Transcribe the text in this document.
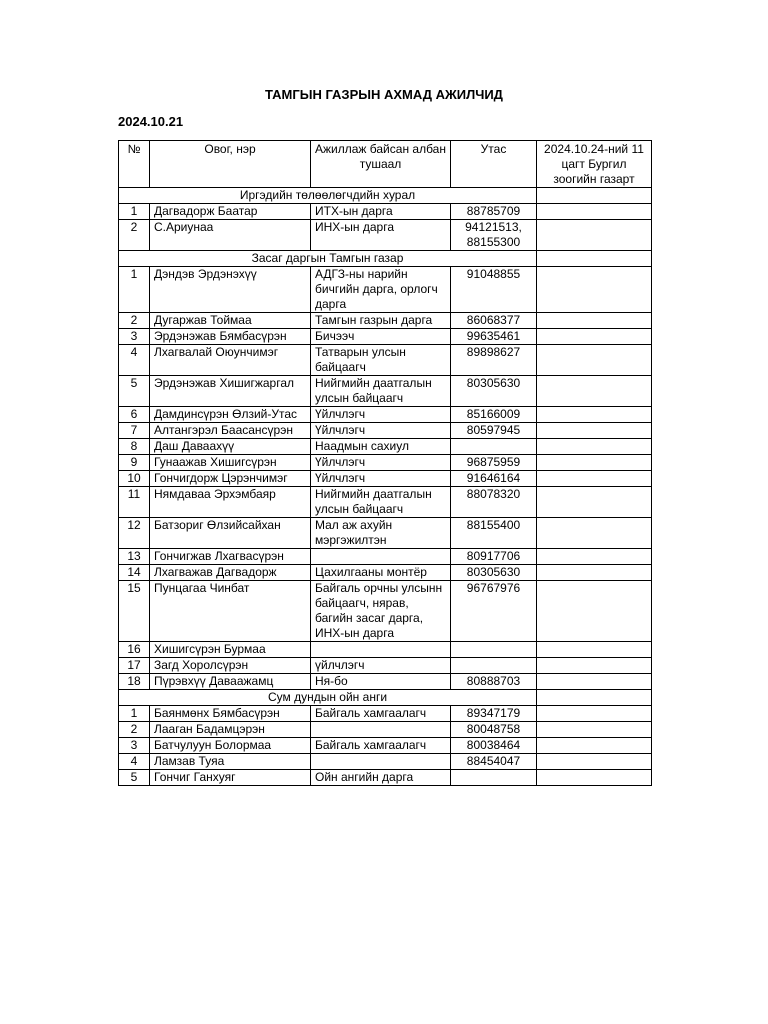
ТАМГЫН ГАЗРЫН АХМАД АЖИЛЧИД
2024.10.21
№	Овог, нэр	Ажиллаж байсан албан тушаал	Утас	2024.10.24-ний 11 цагт Бургил зоогийн газарт
Иргэдийн төлөөлөгчдийн хурал				
1	Дагвадорж Баатар	ИТХ-ын дарга	88785709	
2	С.Ариунаа	ИНХ-ын дарга	94121513, 88155300	
Засаг даргын Тамгын газар				
1	Дэндэв Эрдэнэхүү	АДГЗ-ны нарийн бичгийн дарга, орлогч дарга	91048855	
2	Дугаржав Тоймаа	Тамгын газрын дарга	86068377	
3	Эрдэнэжав Бямбасүрэн	Бичээч	99635461	
4	Лхагвалай Оюунчимэг	Татварын улсын байцаагч	89898627	
5	Эрдэнэжав Хишигжаргал	Нийгмийн даатгалын улсын байцаагч	80305630	
6	Дамдинсүрэн Өлзий-Утас	Үйлчлэгч	85166009	
7	Алтангэрэл Баасансүрэн	Үйлчлэгч	80597945	
8	Даш Даваахүү	Наадмын сахиул		
9	Гунаажав Хишигсүрэн	Үйлчлэгч	96875959	
10	Гончигдорж Цэрэнчимэг	Үйлчлэгч	91646164	
11	Нямдаваа Эрхэмбаяр	Нийгмийн даатгалын улсын байцаагч	88078320	
12	Батзориг Өлзийсайхан	Мал аж ахуйн мэргэжилтэн	88155400	
13	Гончигжав Лхагвасүрэн		80917706	
14	Лхагважав Дагвадорж	Цахилгааны монтёр	80305630	
15	Пунцагаа Чинбат	Байгаль орчны улсынн байцаагч, нярав, багийн засаг дарга, ИНХ-ын дарга	96767976	
16	Хишигсүрэн Бурмаа			
17	Загд Хоролсүрэн	үйлчлэгч		
18	Пүрэвхүү Даваажамц	Ня-бо	80888703	
Сум дундын ойн анги				
1	Баянмөнх Бямбасүрэн	Байгаль хамгаалагч	89347179	
2	Лааган Бадамцэрэн		80048758	
3	Батчулуун Болормаа	Байгаль хамгаалагч	80038464	
4	Ламзав Туяа		88454047	
5	Гончиг Ганхуяг	Ойн ангийн дарга		
